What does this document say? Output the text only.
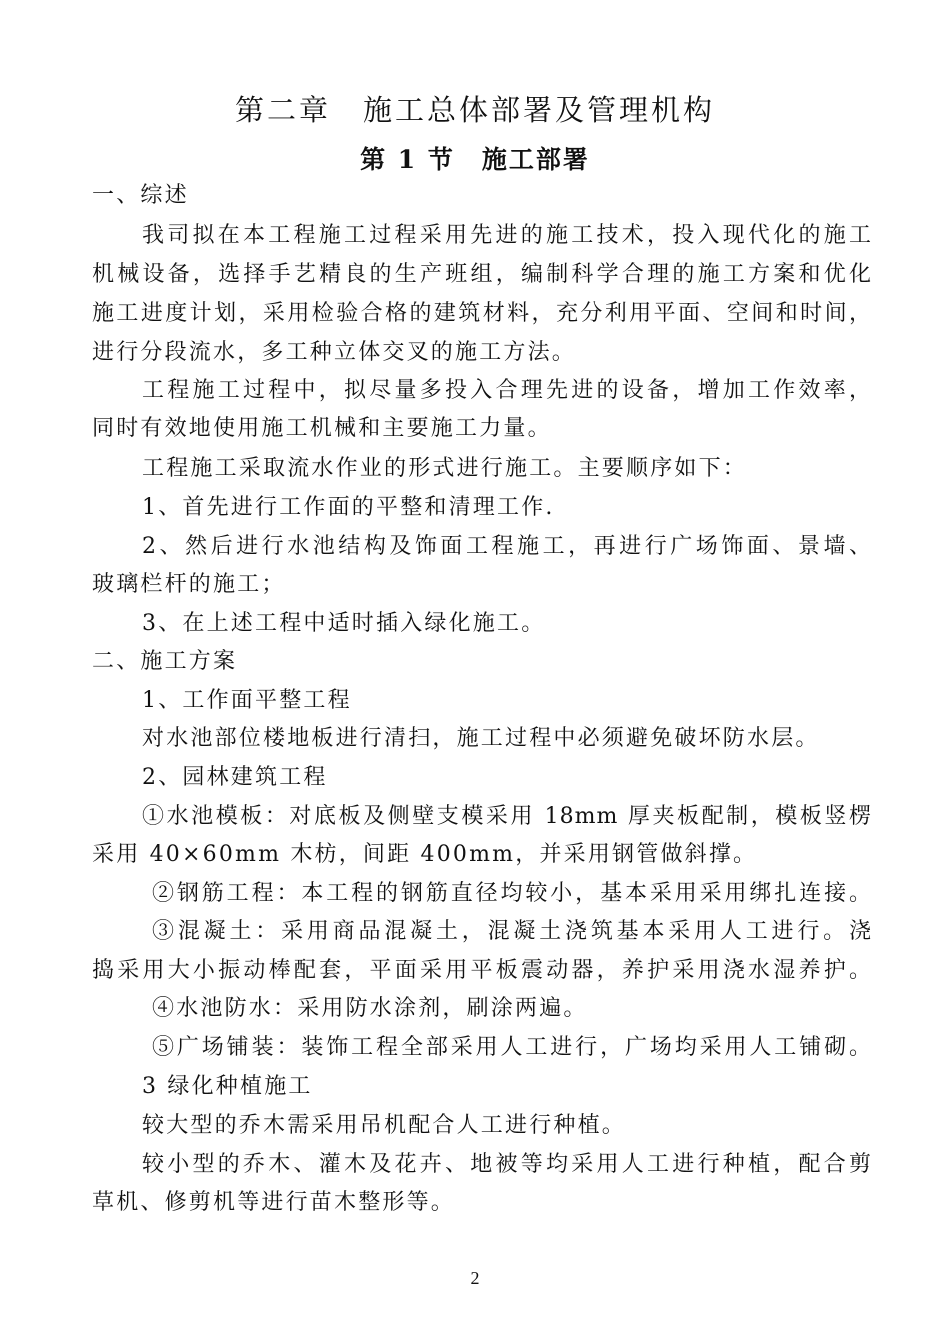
第二章　施工总体部署及管理机构
第 1 节　施工部署
一、综述
我司拟在本工程施工过程采用先进的施工技术，投入现代化的施工
机械设备，选择手艺精良的生产班组，编制科学合理的施工方案和优化
施工进度计划，采用检验合格的建筑材料，充分利用平面、空间和时间，
进行分段流水，多工种立体交叉的施工方法。
工程施工过程中，拟尽量多投入合理先进的设备，增加工作效率，
同时有效地使用施工机械和主要施工力量。
工程施工采取流水作业的形式进行施工。主要顺序如下：
1、首先进行工作面的平整和清理工作.
2、然后进行水池结构及饰面工程施工，再进行广场饰面、景墙、
玻璃栏杆的施工；
3、在上述工程中适时插入绿化施工。
二、施工方案
1、工作面平整工程
对水池部位楼地板进行清扫，施工过程中必须避免破坏防水层。
2、园林建筑工程
①水池模板：对底板及侧壁支模采用 18mm 厚夹板配制，模板竖楞
采用 40×60mm 木枋，间距 400mm，并采用钢管做斜撑。
②钢筋工程：本工程的钢筋直径均较小，基本采用采用绑扎连接。
③混凝土：采用商品混凝土，混凝土浇筑基本采用人工进行。浇
捣采用大小振动棒配套，平面采用平板震动器，养护采用浇水湿养护。
④水池防水：采用防水涂剂，刷涂两遍。
⑤广场铺装：装饰工程全部采用人工进行，广场均采用人工铺砌。
3 绿化种植施工
较大型的乔木需采用吊机配合人工进行种植。
较小型的乔木、灌木及花卉、地被等均采用人工进行种植，配合剪
草机、修剪机等进行苗木整形等。
2
